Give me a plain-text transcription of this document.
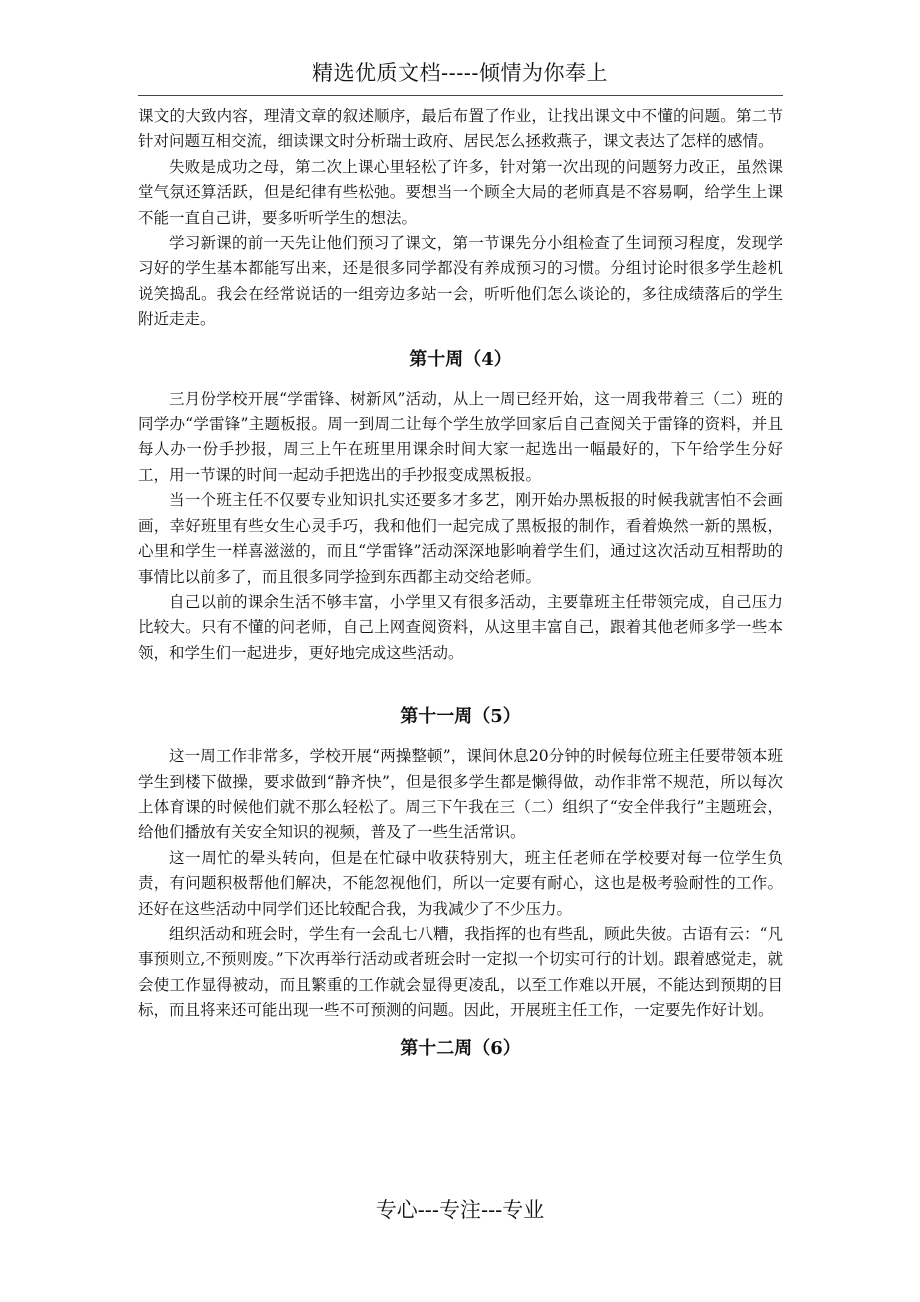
精选优质文档-----倾情为你奉上

课文的大致内容，理清文章的叙述顺序，最后布置了作业，让找出课文中不懂的问题。第二节针对问题互相交流，细读课文时分析瑞士政府、居民怎么拯救燕子，课文表达了怎样的感情。

失败是成功之母，第二次上课心里轻松了许多，针对第一次出现的问题努力改正，虽然课堂气氛还算活跃，但是纪律有些松弛。要想当一个顾全大局的老师真是不容易啊，给学生上课不能一直自己讲，要多听听学生的想法。

学习新课的前一天先让他们预习了课文，第一节课先分小组检查了生词预习程度，发现学习好的学生基本都能写出来，还是很多同学都没有养成预习的习惯。分组讨论时很多学生趁机说笑捣乱。我会在经常说话的一组旁边多站一会，听听他们怎么谈论的，多往成绩落后的学生附近走走。

第十周（4）

三月份学校开展“学雷锋、树新风”活动，从上一周已经开始，这一周我带着三（二）班的同学办“学雷锋”主题板报。周一到周二让每个学生放学回家后自己查阅关于雷锋的资料，并且每人办一份手抄报，周三上午在班里用课余时间大家一起选出一幅最好的，下午给学生分好工，用一节课的时间一起动手把选出的手抄报变成黑板报。

当一个班主任不仅要专业知识扎实还要多才多艺，刚开始办黑板报的时候我就害怕不会画画，幸好班里有些女生心灵手巧，我和他们一起完成了黑板报的制作，看着焕然一新的黑板，心里和学生一样喜滋滋的，而且“学雷锋”活动深深地影响着学生们，通过这次活动互相帮助的事情比以前多了，而且很多同学捡到东西都主动交给老师。

自己以前的课余生活不够丰富，小学里又有很多活动，主要靠班主任带领完成，自己压力比较大。只有不懂的问老师，自己上网查阅资料，从这里丰富自己，跟着其他老师多学一些本领，和学生们一起进步，更好地完成这些活动。

第十一周（5）

这一周工作非常多，学校开展“两操整顿”，课间休息20分钟的时候每位班主任要带领本班学生到楼下做操，要求做到“静齐快”，但是很多学生都是懒得做，动作非常不规范，所以每次上体育课的时候他们就不那么轻松了。周三下午我在三（二）组织了“安全伴我行”主题班会，给他们播放有关安全知识的视频，普及了一些生活常识。

这一周忙的晕头转向，但是在忙碌中收获特别大，班主任老师在学校要对每一位学生负责，有问题积极帮他们解决，不能忽视他们，所以一定要有耐心，这也是极考验耐性的工作。还好在这些活动中同学们还比较配合我，为我减少了不少压力。

组织活动和班会时，学生有一会乱七八糟，我指挥的也有些乱，顾此失彼。古语有云：“凡事预则立,不预则废。”下次再举行活动或者班会时一定拟一个切实可行的计划。跟着感觉走，就会使工作显得被动，而且繁重的工作就会显得更凌乱，以至工作难以开展，不能达到预期的目标，而且将来还可能出现一些不可预测的问题。因此，开展班主任工作，一定要先作好计划。

第十二周（6）
专心---专注---专业
